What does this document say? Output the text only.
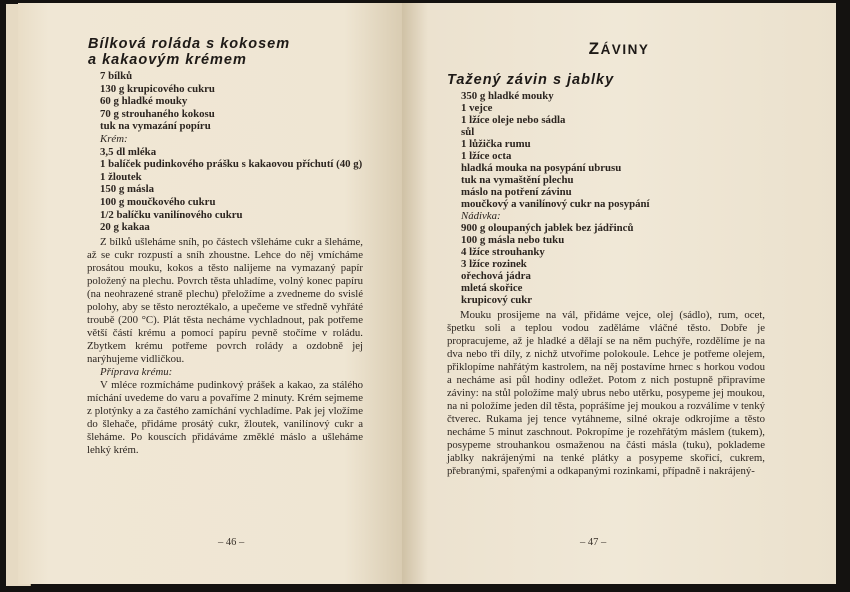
Bílková roláda s kokosem
a kakaovým krémem
7 bílků
130 g krupicového cukru
60 g hladké mouky
70 g strouhaného kokosu
tuk na vymazání popíru
Krém:
3,5 dl mléka
1 balíček pudinkového prášku s kakaovou příchutí (40 g)
1 žloutek
150 g másla
100 g moučkového cukru
1/2 balíčku vanilínového cukru
20 g kakaa

Z bílků ušleháme sníh, po částech všleháme cukr a šleháme, až se cukr rozpustí a sníh zhoustne. Lehce do něj vmícháme prosátou mouku, kokos a těsto nalijeme na vymazaný papír položený na plechu. Povrch těsta uhladíme, volný konec papíru (na neohrazené straně plechu) přeložíme a zvedneme do svislé polohy, aby se těsto neroztékalo, a upečeme ve středně vyhřáté troubě (200 °C). Plát těsta necháme vychladnout, pak potřeme větší částí krému a pomocí papíru pevně stočíme v roládu. Zbytkem krému potřeme povrch rolády a ozdobně jej narýhujeme vidličkou.

Příprava krému:

V mléce rozmícháme pudinkový prášek a kakao, za stálého míchání uvedeme do varu a povaříme 2 minuty. Krém sejmeme z plotýnky a za častého zamíchání vychladíme. Pak jej vložíme do šlehače, přidáme prosátý cukr, žloutek, vanilínový cukr a šleháme. Po kouscích přidáváme změklé máslo a ušleháme lehký krém.

– 46 –
ZÁVINY
Tažený závin s jablky
350 g hladké mouky
1 vejce
1 lžíce oleje nebo sádla
sůl
1 lůžička rumu
1 lžíce octa
hladká mouka na posypání ubrusu
tuk na vymaštění plechu
máslo na potření závinu
moučkový a vanilínový cukr na posypání
Nádivka:
900 g oloupaných jablek bez jádřinců
100 g másla nebo tuku
4 lžíce strouhanky
3 lžíce rozinek
ořechová jádra
mletá skořice
krupicový cukr

Mouku prosijeme na vál, přidáme vejce, olej (sádlo), rum, ocet, špetku soli a teplou vodou zaděláme vláčné těsto. Dobře je propracujeme, až je hladké a dělají se na něm puchýře, rozdělíme je na dva nebo tři díly, z nichž utvoříme polokoule. Lehce je potřeme olejem, přiklopíme nahřátým kastrolem, na něj postavíme hrnec s horkou vodou a necháme asi půl hodiny odležet. Potom z nich postupně připravíme záviny: na stůl položíme malý ubrus nebo utěrku, posypeme jej moukou, na ni položíme jeden díl těsta, poprášíme jej moukou a rozválíme v tenký čtverec. Rukama jej tence vytáhneme, silné okraje odkrojíme a těsto necháme 5 minut zaschnout. Pokropíme je rozehřátým máslem (tukem), posypeme strouhankou osmaženou na části másla (tuku), poklademe jablky nakrájenými na tenké plátky a posypeme skořicí, cukrem, přebranými, spařenými a odkapanými rozinkami, případně i nakrájený-

– 47 –
